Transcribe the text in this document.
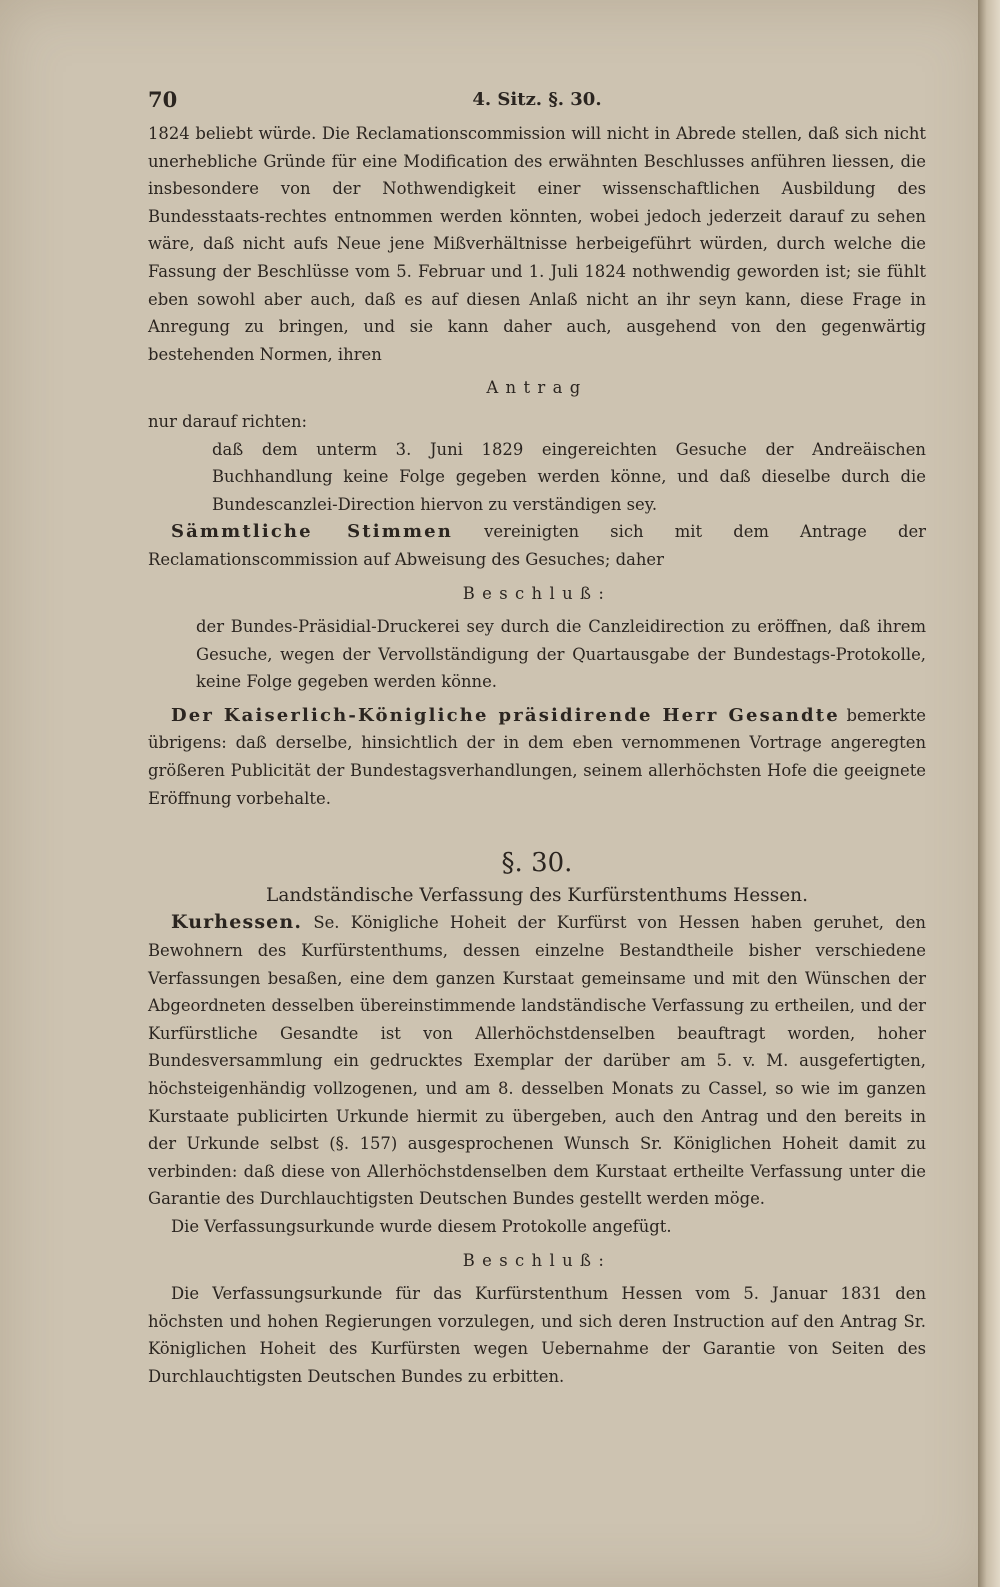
70	4. Sitz. §. 30.

1824 beliebt würde. Die Reclamationscommission will nicht in Abrede stellen, daß sich nicht unerhebliche Gründe für eine Modification des erwähnten Beschlusses anführen liessen, die insbesondere von der Nothwendigkeit einer wissenschaftlichen Ausbildung des Bundesstaats-rechtes entnommen werden könnten, wobei jedoch jederzeit darauf zu sehen wäre, daß nicht aufs Neue jene Mißverhältnisse herbeigeführt würden, durch welche die Fassung der Beschlüsse vom 5. Februar und 1. Juli 1824 nothwendig geworden ist; sie fühlt eben sowohl aber auch, daß es auf diesen Anlaß nicht an ihr seyn kann, diese Frage in Anregung zu bringen, und sie kann daher auch, ausgehend von den gegenwärtig bestehenden Normen, ihren

Antrag

nur darauf richten:

daß dem unterm 3. Juni 1829 eingereichten Gesuche der Andreäischen Buchhandlung keine Folge gegeben werden könne, und daß dieselbe durch die Bundescanzlei-Direction hiervon zu verständigen sey.

Sämmtliche Stimmen vereinigten sich mit dem Antrage der Reclamationscommission auf Abweisung des Gesuches; daher

Beschluß:

der Bundes-Präsidial-Druckerei sey durch die Canzleidirection zu eröffnen, daß ihrem Gesuche, wegen der Vervollständigung der Quartausgabe der Bundestags-Protokolle, keine Folge gegeben werden könne.

Der Kaiserlich-Königliche präsidirende Herr Gesandte bemerkte übrigens: daß derselbe, hinsichtlich der in dem eben vernommenen Vortrage angeregten größeren Publicität der Bundestagsverhandlungen, seinem allerhöchsten Hofe die geeignete Eröffnung vorbehalte.

§. 30.

Landständische Verfassung des Kurfürstenthums Hessen.

Kurhessen. Se. Königliche Hoheit der Kurfürst von Hessen haben geruhet, den Bewohnern des Kurfürstenthums, dessen einzelne Bestandtheile bisher verschiedene Verfassungen besaßen, eine dem ganzen Kurstaat gemeinsame und mit den Wünschen der Abgeordneten desselben übereinstimmende landständische Verfassung zu ertheilen, und der Kurfürstliche Gesandte ist von Allerhöchstdenselben beauftragt worden, hoher Bundesversammlung ein gedrucktes Exemplar der darüber am 5. v. M. ausgefertigten, höchsteigenhändig vollzogenen, und am 8. desselben Monats zu Cassel, so wie im ganzen Kurstaate publicirten Urkunde hiermit zu übergeben, auch den Antrag und den bereits in der Urkunde selbst (§. 157) ausgesprochenen Wunsch Sr. Königlichen Hoheit damit zu verbinden: daß diese von Allerhöchstdenselben dem Kurstaat ertheilte Verfassung unter die Garantie des Durchlauchtigsten Deutschen Bundes gestellt werden möge.

Die Verfassungsurkunde wurde diesem Protokolle angefügt.

Beschluß:

Die Verfassungsurkunde für das Kurfürstenthum Hessen vom 5. Januar 1831 den höchsten und hohen Regierungen vorzulegen, und sich deren Instruction auf den Antrag Sr. Königlichen Hoheit des Kurfürsten wegen Uebernahme der Garantie von Seiten des Durchlauchtigsten Deutschen Bundes zu erbitten.
